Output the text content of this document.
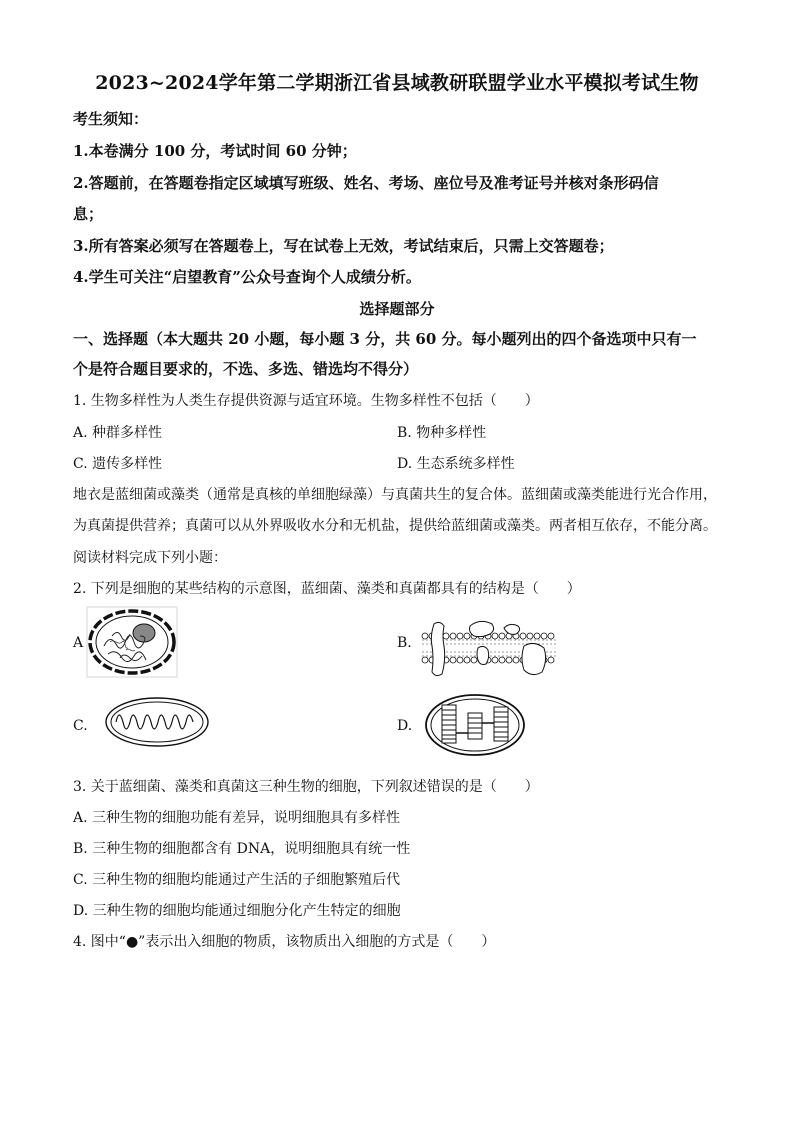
2023~2024学年第二学期浙江省县域教研联盟学业水平模拟考试生物
考生须知：
1.本卷满分 100 分，考试时间 60 分钟；
2.答题前，在答题卷指定区域填写班级、姓名、考场、座位号及准考证号并核对条形码信
息；
3.所有答案必须写在答题卷上，写在试卷上无效，考试结束后，只需上交答题卷；
4.学生可关注“启望教育”公众号查询个人成绩分析。
选择题部分
一、选择题（本大题共 20 小题，每小题 3 分，共 60 分。每小题列出的四个备选项中只有一
个是符合题目要求的，不选、多选、错选均不得分）
1. 生物多样性为人类生存提供资源与适宜环境。生物多样性不包括（　　）
A. 种群多样性	B. 物种多样性
C. 遗传多样性	D. 生态系统多样性
地衣是蓝细菌或藻类（通常是真核的单细胞绿藻）与真菌共生的复合体。蓝细菌或藻类能进行光合作用，
为真菌提供营养；真菌可以从外界吸收水分和无机盐，提供给蓝细菌或藻类。两者相互依存，不能分离。
阅读材料完成下列小题：
2. 下列是细胞的某些结构的示意图，蓝细菌、藻类和真菌都具有的结构是（　　）
A	B.
C.	D.
3. 关于蓝细菌、藻类和真菌这三种生物的细胞，下列叙述错误的是（　　）
A. 三种生物的细胞功能有差异，说明细胞具有多样性
B. 三种生物的细胞都含有 DNA，说明细胞具有统一性
C. 三种生物的细胞均能通过产生活的子细胞繁殖后代
D. 三种生物的细胞均能通过细胞分化产生特定的细胞
4. 图中“●”表示出入细胞的物质，该物质出入细胞的方式是（　　）
